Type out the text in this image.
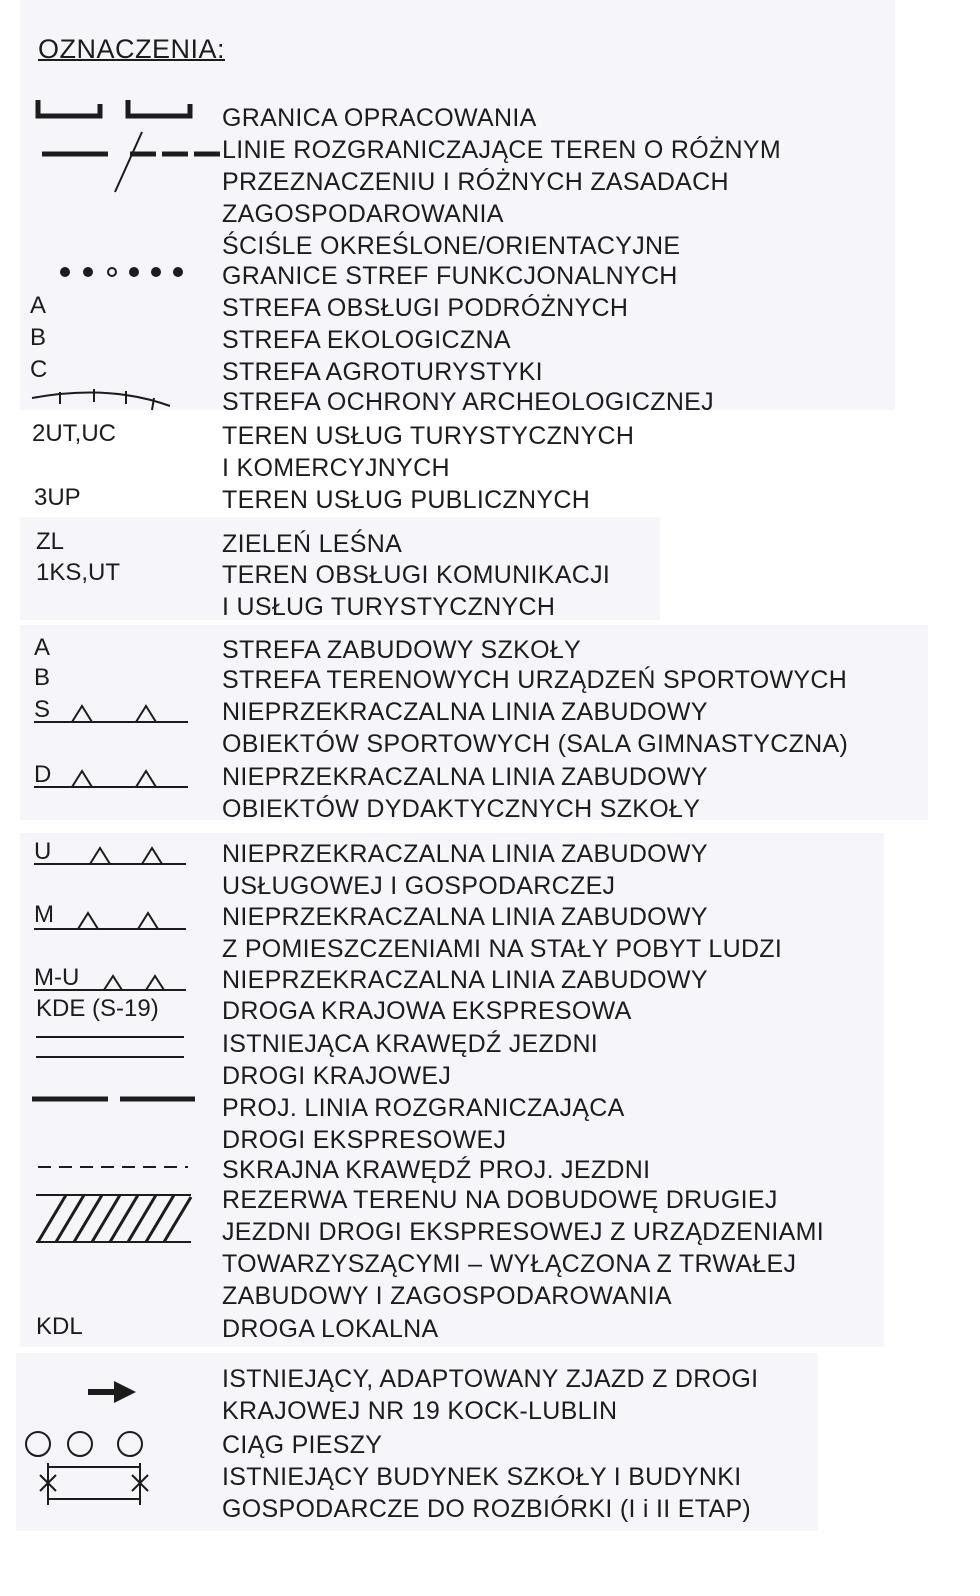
OZNACZENIA:
GRANICA OPRACOWANIA
LINIE ROZGRANICZAJĄCE TEREN O RÓŻNYM
PRZEZNACZENIU I RÓŻNYCH ZASADACH
ZAGOSPODAROWANIA
ŚCIŚLE OKREŚLONE/ORIENTACYJNE
GRANICE STREF FUNKCJONALNYCH
A	STREFA OBSŁUGI PODRÓŻNYCH
B	STREFA EKOLOGICZNA
C	STREFA AGROTURYSTYKI
STREFA OCHRONY ARCHEOLOGICZNEJ
2UT,UC	TEREN USŁUG TURYSTYCZNYCH
I KOMERCYJNYCH
3UP	TEREN USŁUG PUBLICZNYCH
ZL	ZIELEŃ LEŚNA
1KS,UT	TEREN OBSŁUGI KOMUNIKACJI
I USŁUG TURYSTYCZNYCH
A	STREFA ZABUDOWY SZKOŁY
B	STREFA TERENOWYCH URZĄDZEŃ SPORTOWYCH
S	NIEPRZEKRACZALNA LINIA ZABUDOWY
OBIEKTÓW SPORTOWYCH (SALA GIMNASTYCZNA)
D	NIEPRZEKRACZALNA LINIA ZABUDOWY
OBIEKTÓW DYDAKTYCZNYCH SZKOŁY
U	NIEPRZEKRACZALNA LINIA ZABUDOWY
USŁUGOWEJ I GOSPODARCZEJ
M	NIEPRZEKRACZALNA LINIA ZABUDOWY
Z POMIESZCZENIAMI NA STAŁY POBYT LUDZI
M-U	NIEPRZEKRACZALNA LINIA ZABUDOWY
KDE (S-19)	DROGA KRAJOWA EKSPRESOWA
ISTNIEJĄCA KRAWĘDŹ JEZDNI
DROGI KRAJOWEJ
PROJ. LINIA ROZGRANICZAJĄCA
DROGI EKSPRESOWEJ
SKRAJNA KRAWĘDŹ PROJ. JEZDNI
REZERWA TERENU NA DOBUDOWĘ DRUGIEJ
JEZDNI DROGI EKSPRESOWEJ Z URZĄDZENIAMI
TOWARZYSZĄCYMI – WYŁĄCZONA Z TRWAŁEJ
ZABUDOWY I ZAGOSPODAROWANIA
KDL	DROGA LOKALNA
ISTNIEJĄCY, ADAPTOWANY ZJAZD Z DROGI
KRAJOWEJ NR 19 KOCK-LUBLIN
CIĄG PIESZY
ISTNIEJĄCY BUDYNEK SZKOŁY I BUDYNKI
GOSPODARCZE DO ROZBIÓRKI (I i II ETAP)
